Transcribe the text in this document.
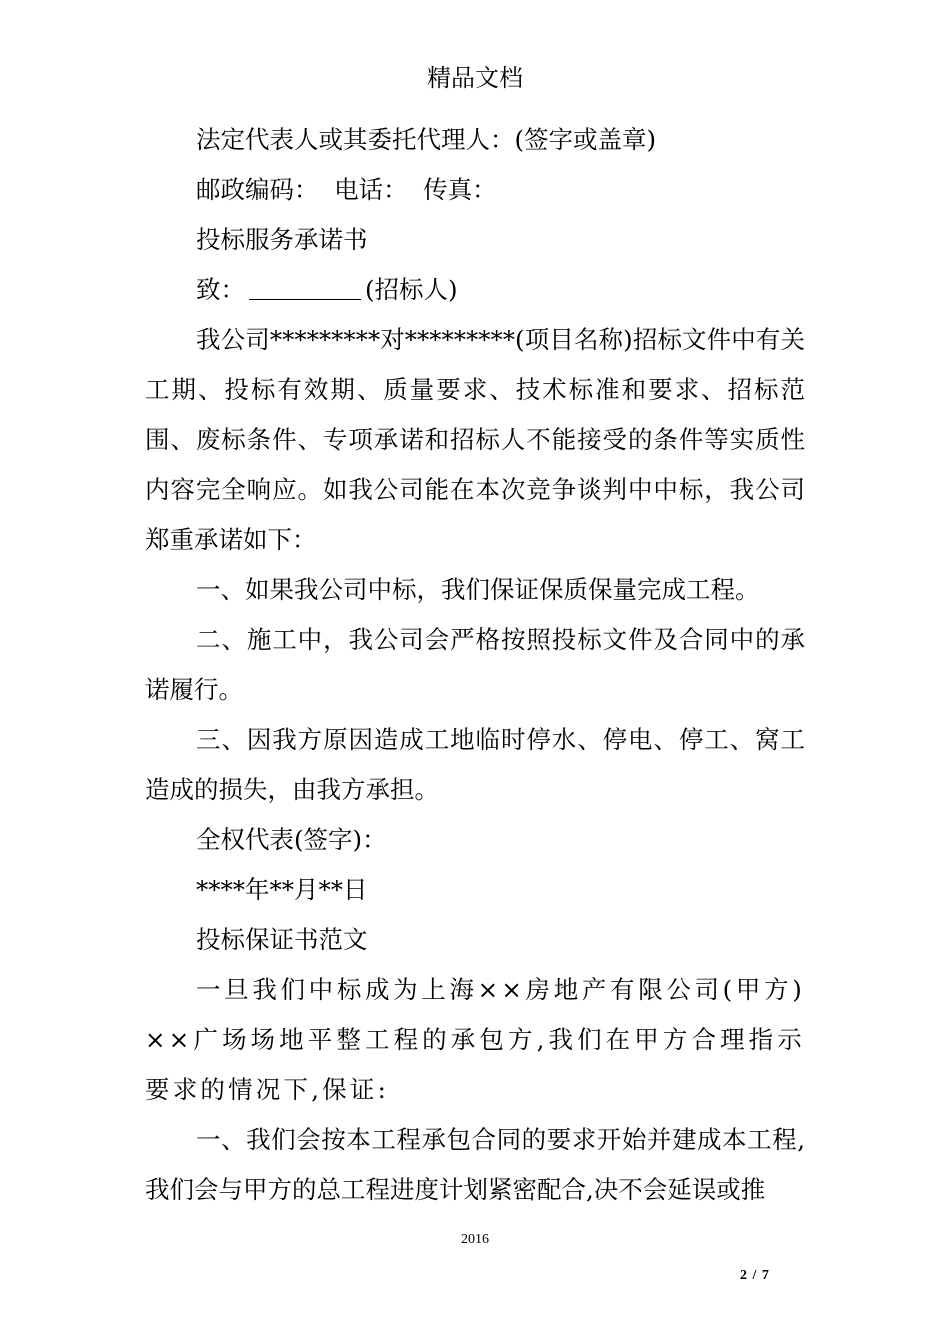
精品文档

法定代表人或其委托代理人：(签字或盖章)

邮政编码：  电话：  传真：

投标服务承诺书

致：	(招标人)

我公司*********对*********(项目名称)招标文件中有关工期、投标有效期、质量要求、技术标准和要求、招标范围、废标条件、专项承诺和招标人不能接受的条件等实质性内容完全响应。如我公司能在本次竞争谈判中中标，我公司郑重承诺如下：

一、如果我公司中标，我们保证保质保量完成工程。

二、施工中，我公司会严格按照投标文件及合同中的承诺履行。

三、因我方原因造成工地临时停水、停电、停工、窝工造成的损失，由我方承担。

全权代表(签字)：

****年**月**日

投标保证书范文

一旦我们中标成为上海××房地产有限公司(甲方)××广场场地平整工程的承包方,我们在甲方合理指示要求的情况下,保证:

一、我们会按本工程承包合同的要求开始并建成本工程,我们会与甲方的总工程进度计划紧密配合,决不会延误或推

2016
2 / 7
